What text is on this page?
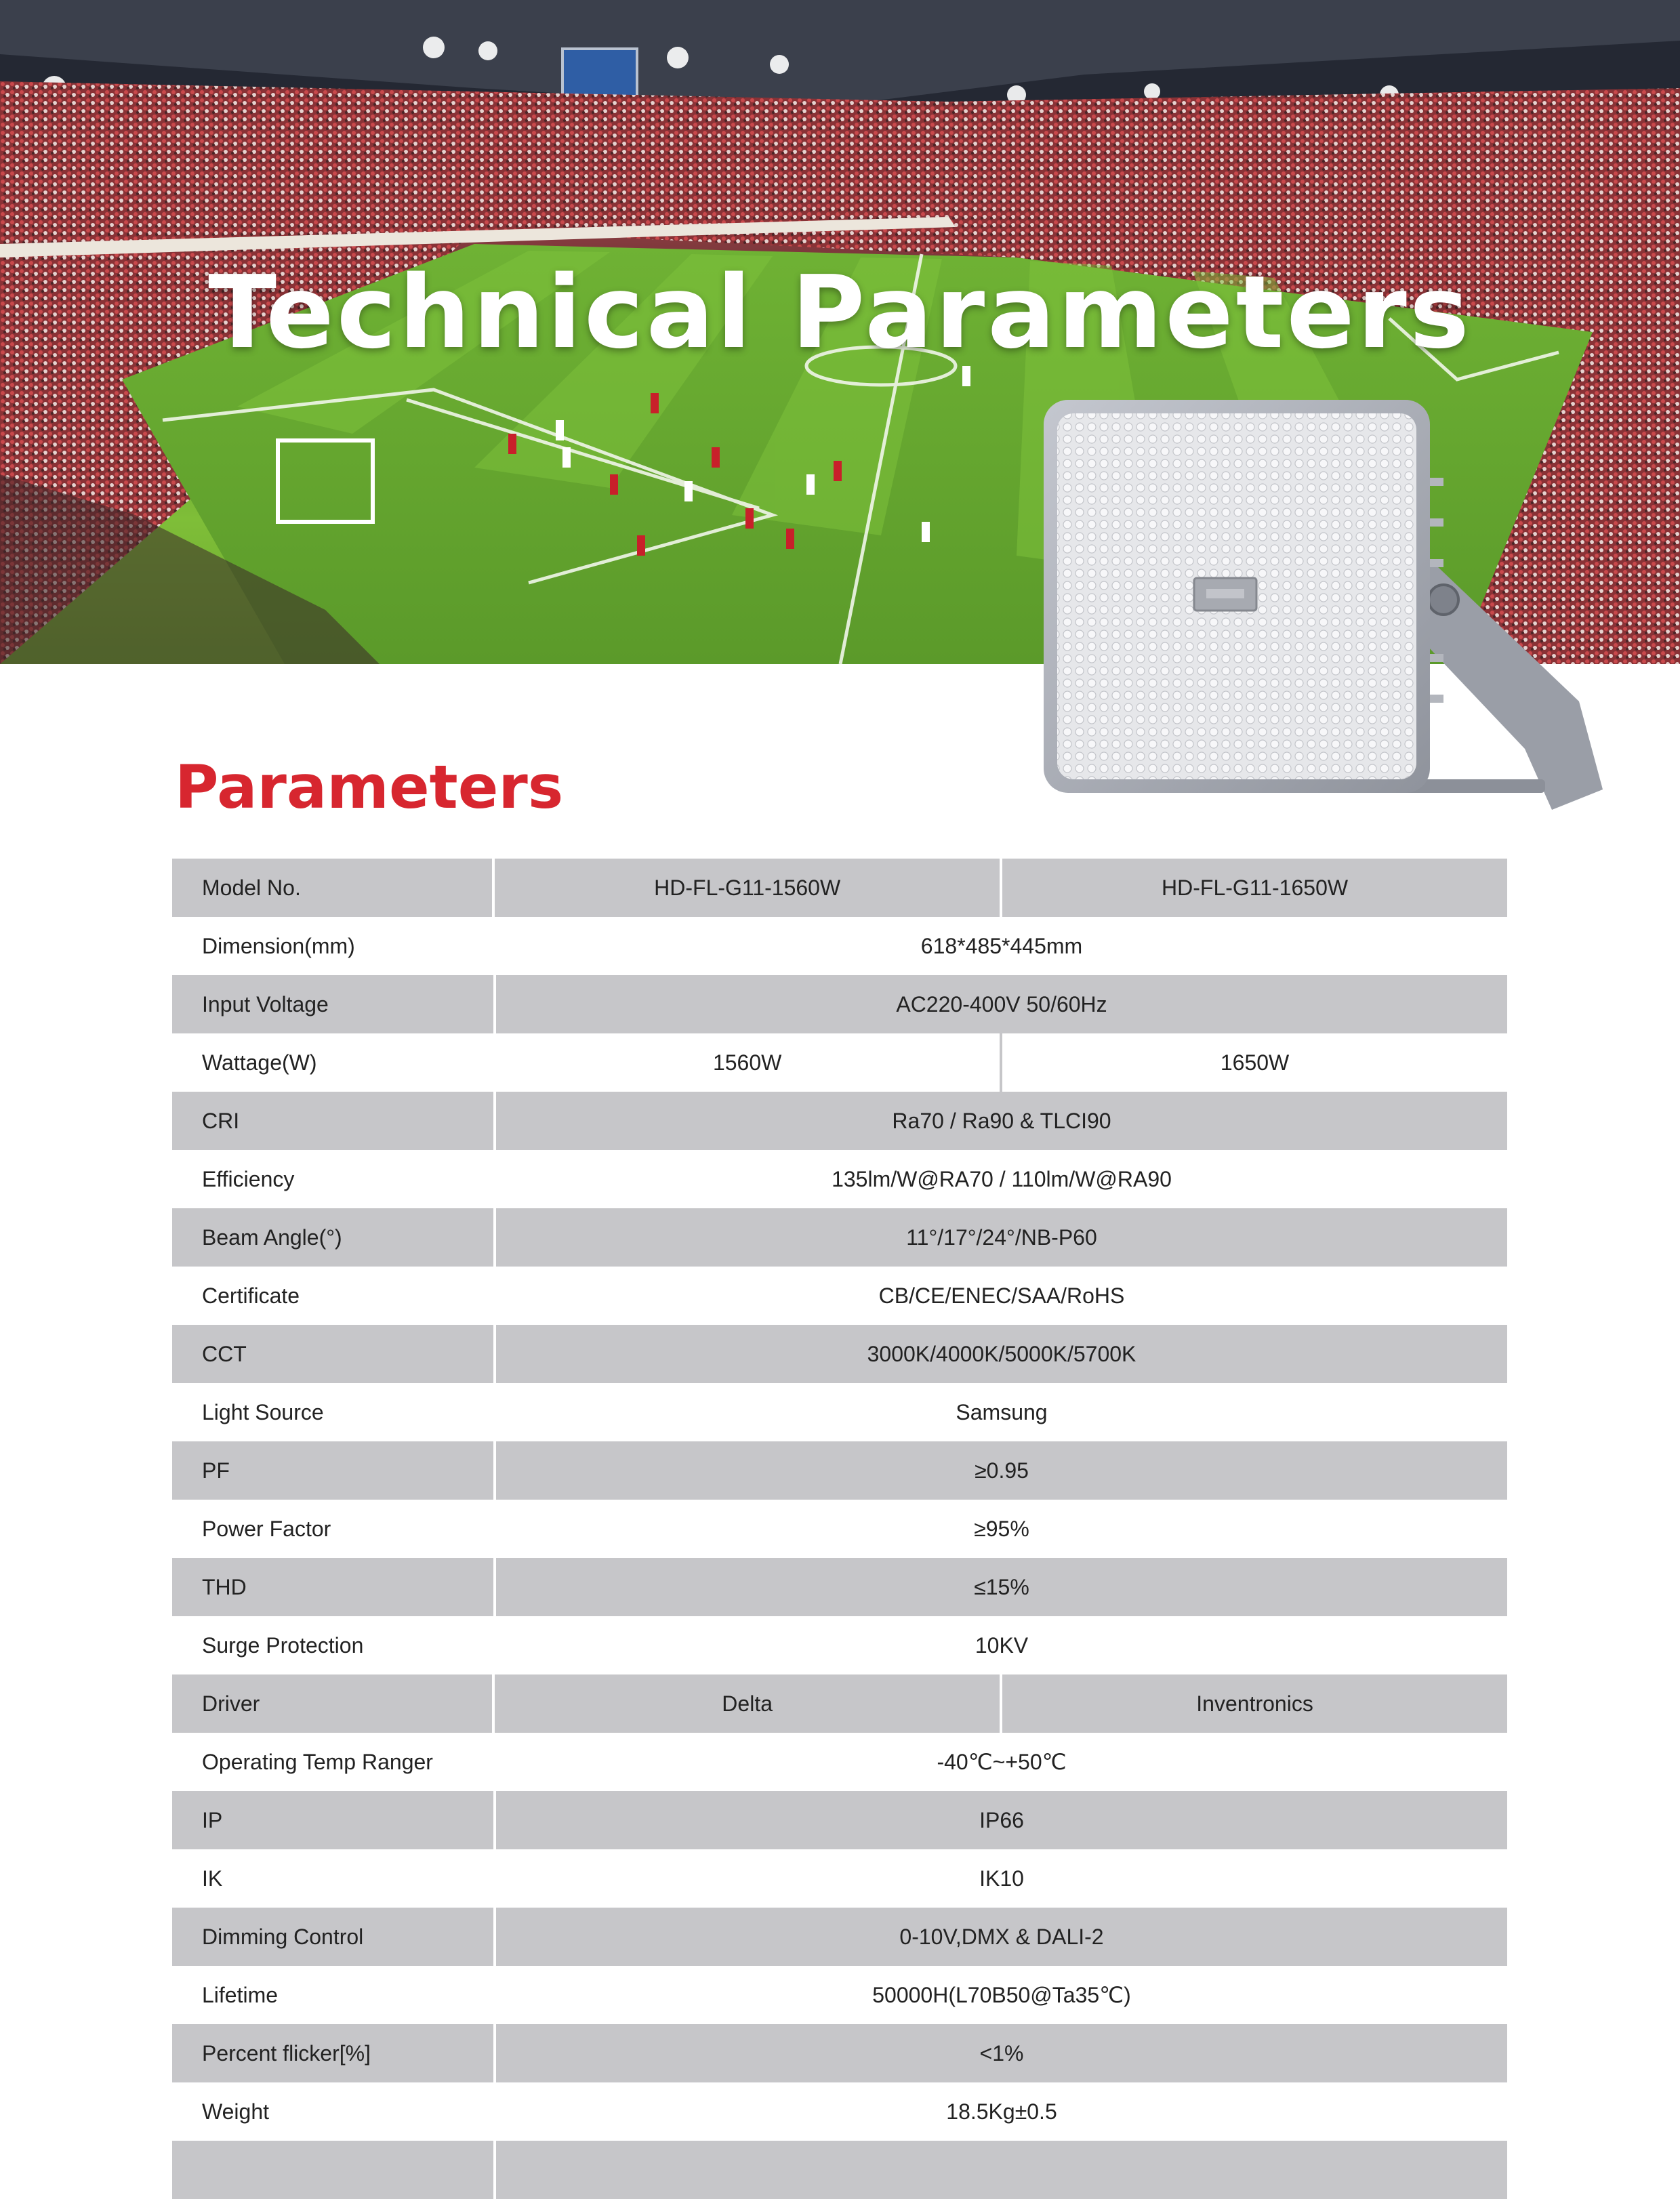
Technical Parameters
Parameters
Model No.	HD-FL-G11-1560W	HD-FL-G11-1650W
Dimension(mm)	618*485*445mm
Input Voltage	AC220-400V 50/60Hz
Wattage(W)	1560W	1650W
CRI	Ra70 / Ra90 & TLCI90
Efficiency	135lm/W@RA70 / 110lm/W@RA90
Beam Angle(°)	11°/17°/24°/NB-P60
Certificate	CB/CE/ENEC/SAA/RoHS
CCT	3000K/4000K/5000K/5700K
Light Source	Samsung
PF	≥0.95
Power Factor	≥95%
THD	≤15%
Surge Protection	10KV
Driver	Delta	Inventronics
Operating Temp Ranger	-40℃~+50℃
IP	IP66
IK	IK10
Dimming Control	0-10V,DMX & DALI-2
Lifetime	50000H(L70B50@Ta35℃)
Percent flicker[%]	<1%
Weight	18.5Kg±0.5
